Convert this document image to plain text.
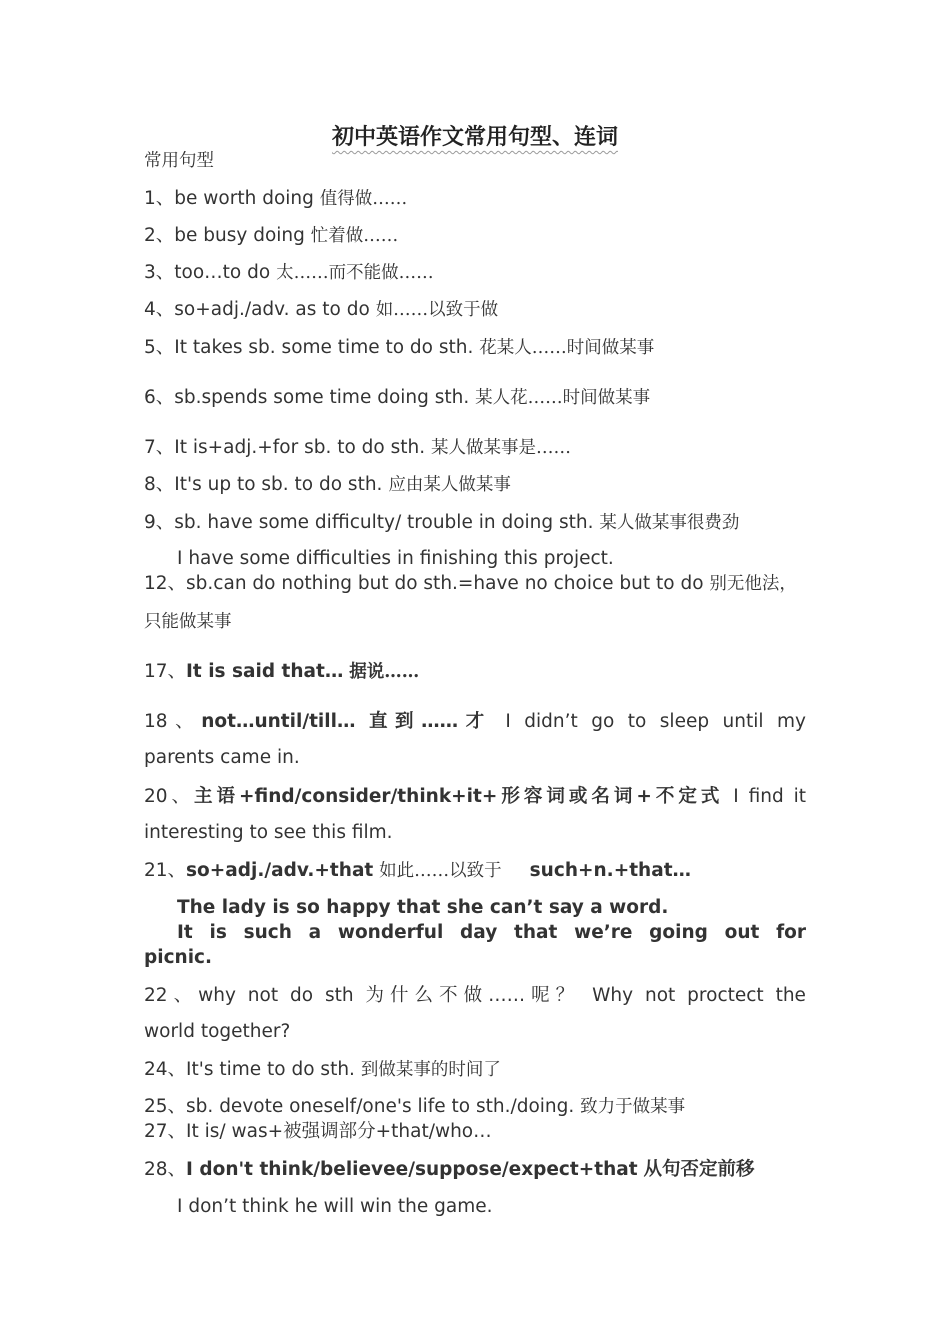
初中英语作文常用句型、连词
常用句型
1、be worth doing 值得做……
2、be busy doing 忙着做……
3、too…to do 太……而不能做……
4、so+adj./adv. as to do 如……以致于做
5、It takes sb. some time to do sth. 花某人……时间做某事
6、sb.spends some time doing sth. 某人花……时间做某事
7、It is+adj.+for sb. to do sth. 某人做某事是……
8、It's up to sb. to do sth. 应由某人做某事
9、sb. have some difficulty/ trouble in doing sth. 某人做某事很费劲
I have some difficulties in finishing this project.
12、sb.can do nothing but do sth.=have no choice but to do 别无他法，
只能做某事
17、It is said that… 据说……
18、not…until/till… 直到……才 I didn’t go to sleep until my
parents came in.
20、主语+find/consider/think+it+形容词或名词+不定式 I find it
interesting to see this film.
21、so+adj./adv.+that 如此……以致于 such+n.+that…
The lady is so happy that she can’t say a word.
It is such a wonderful day that we’re going out for
picnic.
22、why not do sth 为什么不做……呢？ Why not proctect the
world together?
24、It's time to do sth. 到做某事的时间了
25、sb. devote oneself/one's life to sth./doing. 致力于做某事
27、It is/ was+被强调部分+that/who…
28、I don't think/believee/suppose/expect+that 从句否定前移
I don’t think he will win the game.
